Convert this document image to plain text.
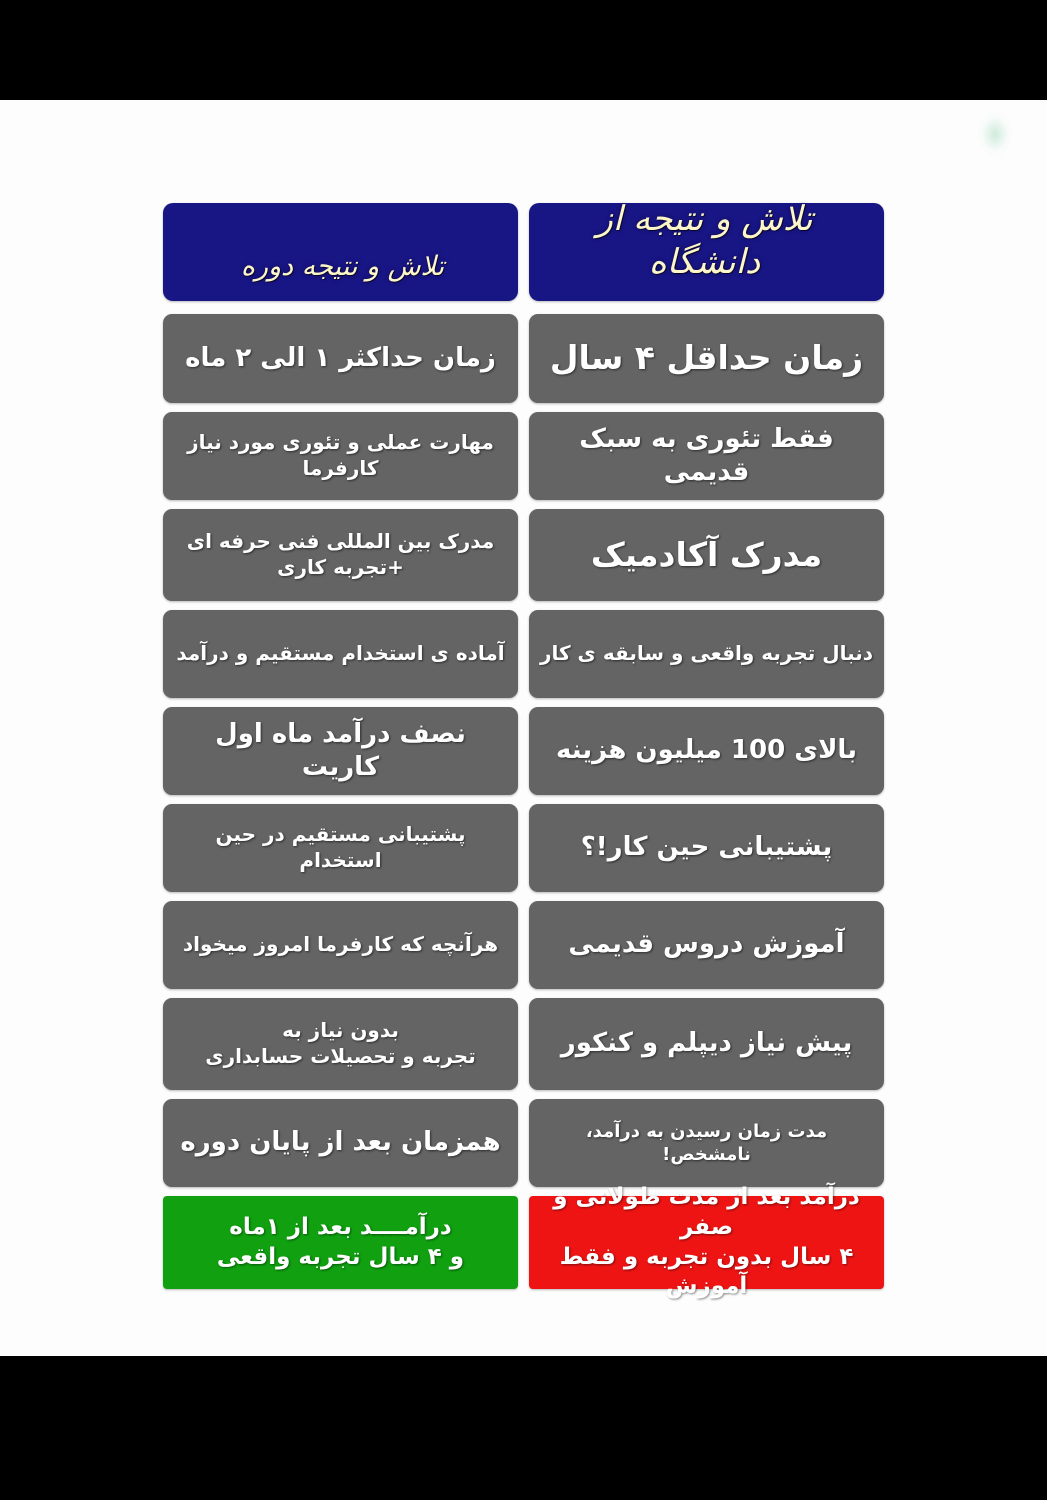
تلاش و نتیجه از دانشگاه
تلاش و نتیجه دوره
زمان حداقل ۴ سال
زمان حداکثر ۱ الی ۲ ماه
فقط تئوری به سبک قدیمی
مهارت عملی و تئوری مورد نیاز کارفرما
مدرک آکادمیک
مدرک بین المللی فنی حرفه ای
+تجربه کاری
دنبال تجربه واقعی و سابقه ی کار
آماده ی استخدام مستقیم و درآمد
بالای 100 میلیون هزینه
نصف درآمد ماه اول کاریت
پشتیبانی حین کار!؟
پشتیبانی مستقیم در حین استخدام
آموزش دروس قدیمی
هرآنچه که کارفرما امروز میخواد
پیش نیاز دیپلم و کنکور
بدون نیاز به
تجربه و تحصیلات حسابداری
مدت زمان رسیدن به درآمد، نامشخص!
همزمان بعد از پایان دوره
درآمد بعد از مدت طولانی و صفر
۴ سال بدون تجربه و فقط آموزش
درآمــــد بعد از ۱ماه
و ۴ سال تجربه واقعی
